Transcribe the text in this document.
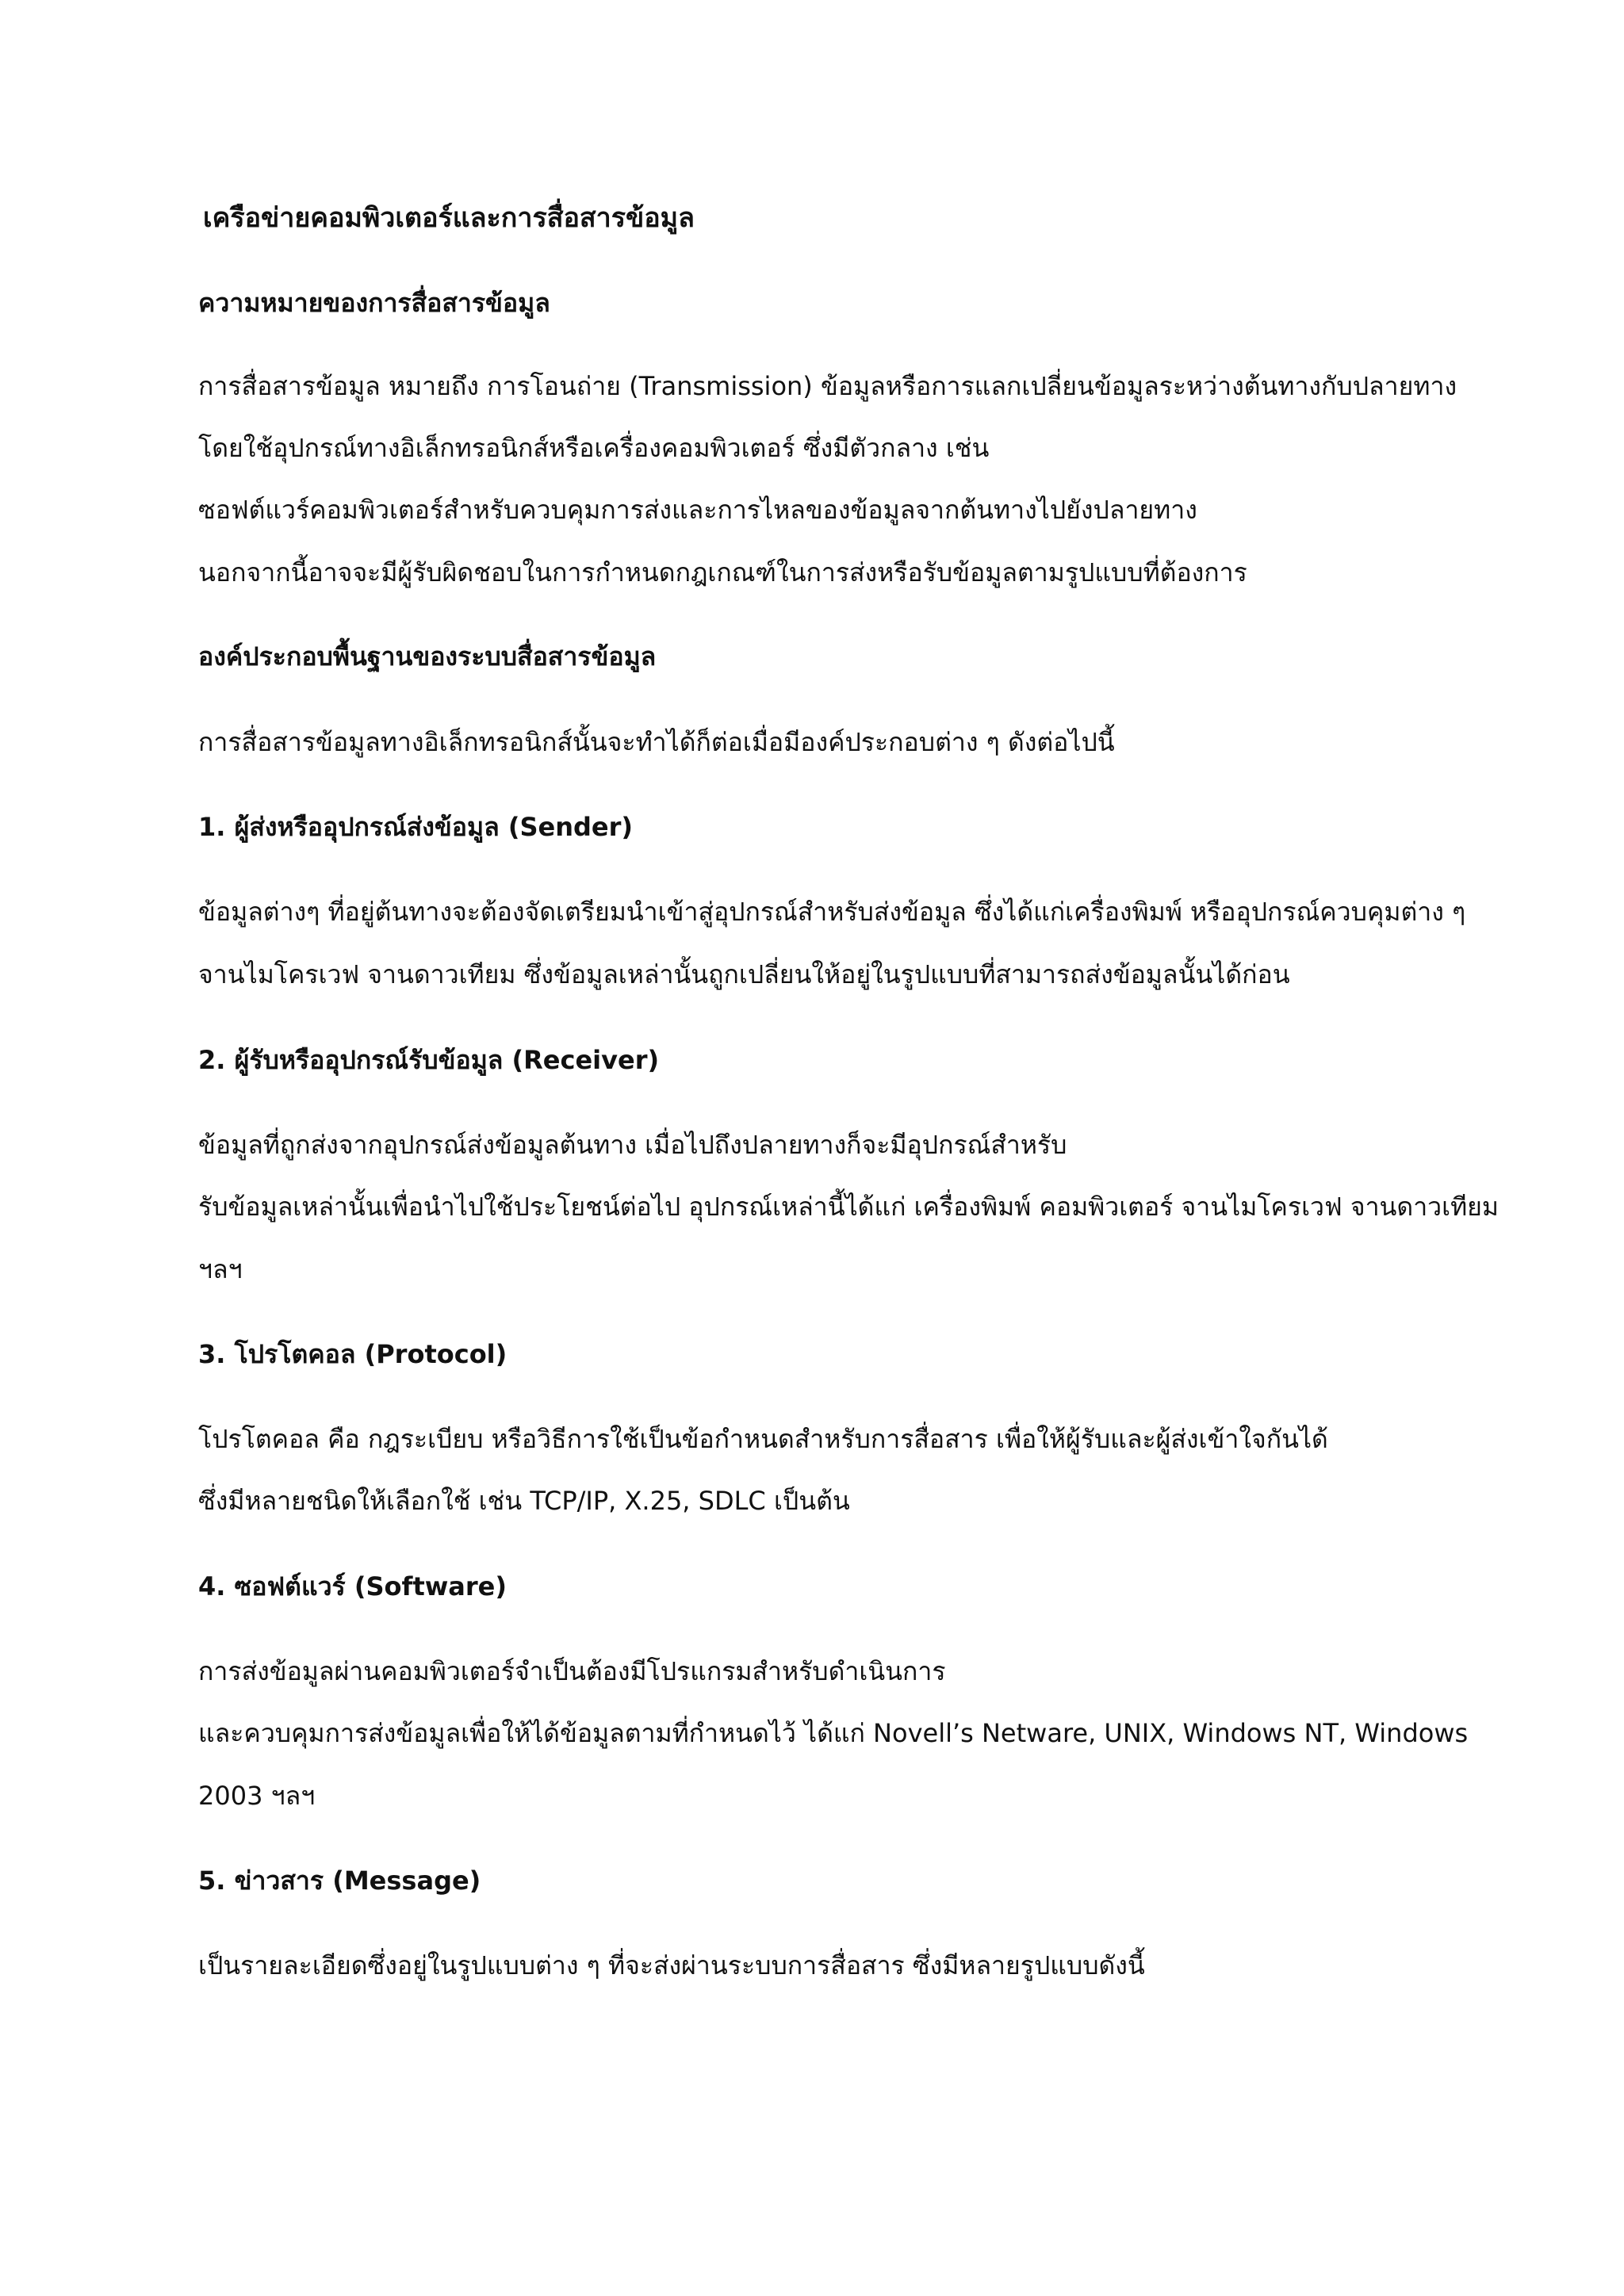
เครือข่ายคอมพิวเตอร์และการสื่อสารข้อมูล
ความหมายของการสื่อสารข้อมูล
การสื่อสารข้อมูล หมายถึง การโอนถ่าย (Transmission) ข้อมูลหรือการแลกเปลี่ยนข้อมูลระหว่างต้นทางกับปลายทาง
โดยใช้อุปกรณ์ทางอิเล็กทรอนิกส์หรือเครื่องคอมพิวเตอร์ ซึ่งมีตัวกลาง เช่น
ซอฟต์แวร์คอมพิวเตอร์สำหรับควบคุมการส่งและการไหลของข้อมูลจากต้นทางไปยังปลายทาง
นอกจากนี้อาจจะมีผู้รับผิดชอบในการกำหนดกฎเกณฑ์ในการส่งหรือรับข้อมูลตามรูปแบบที่ต้องการ
องค์ประกอบพื้นฐานของระบบสื่อสารข้อมูล
การสื่อสารข้อมูลทางอิเล็กทรอนิกส์นั้นจะทำได้ก็ต่อเมื่อมีองค์ประกอบต่าง ๆ ดังต่อไปนี้
1. ผู้ส่งหรืออุปกรณ์ส่งข้อมูล (Sender)
ข้อมูลต่างๆ ที่อยู่ต้นทางจะต้องจัดเตรียมนำเข้าสู่อุปกรณ์สำหรับส่งข้อมูล ซึ่งได้แก่เครื่องพิมพ์ หรืออุปกรณ์ควบคุมต่าง ๆ
จานไมโครเวฟ จานดาวเทียม ซึ่งข้อมูลเหล่านั้นถูกเปลี่ยนให้อยู่ในรูปแบบที่สามารถส่งข้อมูลนั้นได้ก่อน
2. ผู้รับหรืออุปกรณ์รับข้อมูล (Receiver)
ข้อมูลที่ถูกส่งจากอุปกรณ์ส่งข้อมูลต้นทาง เมื่อไปถึงปลายทางก็จะมีอุปกรณ์สำหรับ
รับข้อมูลเหล่านั้นเพื่อนำไปใช้ประโยชน์ต่อไป อุปกรณ์เหล่านี้ได้แก่ เครื่องพิมพ์ คอมพิวเตอร์ จานไมโครเวฟ จานดาวเทียม
ฯลฯ
3. โปรโตคอล (Protocol)
โปรโตคอล คือ กฎระเบียบ หรือวิธีการใช้เป็นข้อกำหนดสำหรับการสื่อสาร เพื่อให้ผู้รับและผู้ส่งเข้าใจกันได้
ซึ่งมีหลายชนิดให้เลือกใช้ เช่น TCP/IP, X.25, SDLC เป็นต้น
4. ซอฟต์แวร์ (Software)
การส่งข้อมูลผ่านคอมพิวเตอร์จำเป็นต้องมีโปรแกรมสำหรับดำเนินการ
และควบคุมการส่งข้อมูลเพื่อให้ได้ข้อมูลตามที่กำหนดไว้ ได้แก่ Novell’s Netware, UNIX, Windows NT, Windows
2003 ฯลฯ
5. ข่าวสาร (Message)
เป็นรายละเอียดซึ่งอยู่ในรูปแบบต่าง ๆ ที่จะส่งผ่านระบบการสื่อสาร ซึ่งมีหลายรูปแบบดังนี้
